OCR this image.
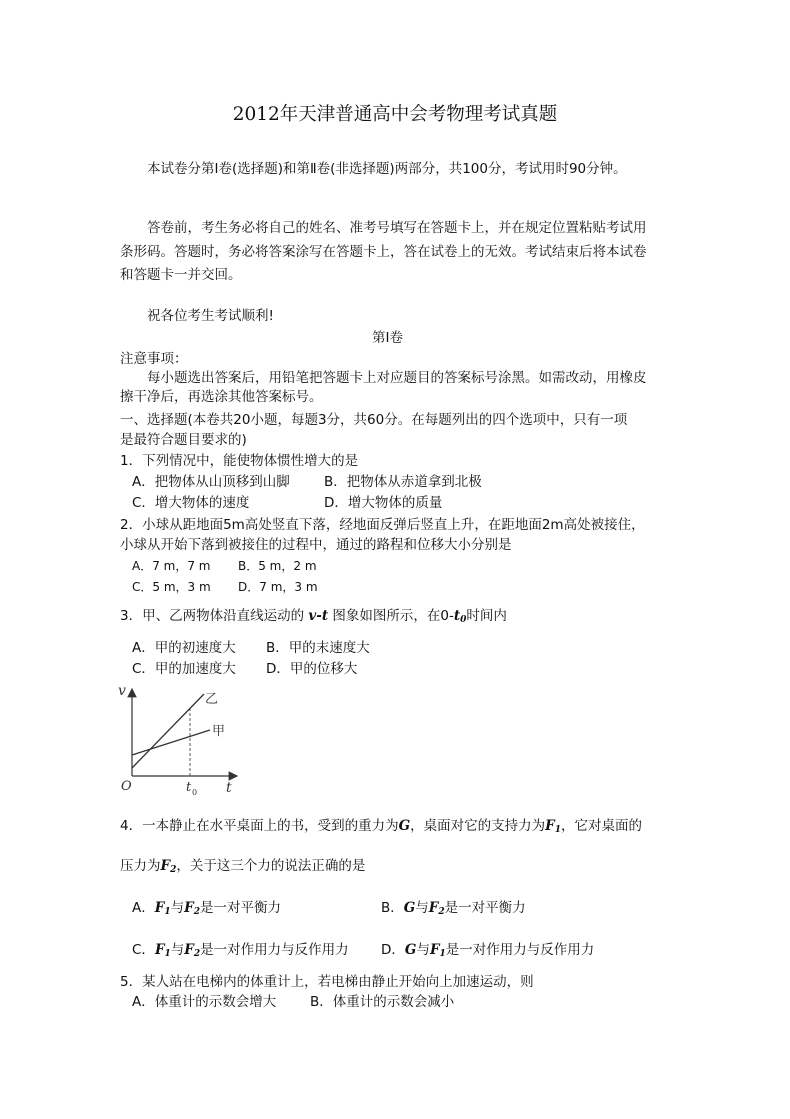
2012年天津普通高中会考物理考试真题
本试卷分第Ⅰ卷(选择题)和第Ⅱ卷(非选择题)两部分，共100分，考试用时90分钟。
答卷前，考生务必将自己的姓名、准考号填写在答题卡上，并在规定位置粘贴考试用
条形码。答题时，务必将答案涂写在答题卡上，答在试卷上的无效。考试结束后将本试卷
和答题卡一并交回。
祝各位考生考试顺利!
第Ⅰ卷
注意事项：
每小题选出答案后，用铅笔把答题卡上对应题目的答案标号涂黑。如需改动，用橡皮
擦干净后，再选涂其他答案标号。
一、选择题(本卷共20小题，每题3分，共60分。在每题列出的四个选项中，只有一项
是最符合题目要求的)
1．下列情况中，能使物体惯性增大的是
A．把物体从山顶移到山脚	B．把物体从赤道拿到北极
C．增大物体的速度	D．增大物体的质量
2．小球从距地面5m高处竖直下落，经地面反弹后竖直上升，在距地面2m高处被接住，
小球从开始下落到被接住的过程中，通过的路程和位移大小分别是
A．7 m，7 m B．5 m，2 m
C．5 m，3 m D．7 m，3 m
3．甲、乙两物体沿直线运动的 v-t 图象如图所示，在$0-t_0$时间内
A．甲的初速度大 B．甲的末速度大
C．甲的加速度大 D．甲的位移大
v
t
O	t 0
乙
甲
4．一本静止在水平桌面上的书，受到的重力为G，桌面对它的支持力为$F_1$，它对桌面的
压力为$F_2$，关于这三个力的说法正确的是
A．$F_1$与$F_2$是一对平衡力	B．G与$F_2$是一对平衡力
C．$F_1$与$F_2$是一对作用力与反作用力 D．G与$F_1$是一对作用力与反作用力
5．某人站在电梯内的体重计上，若电梯由静止开始向上加速运动，则
A．体重计的示数会增大	B．体重计的示数会减小
